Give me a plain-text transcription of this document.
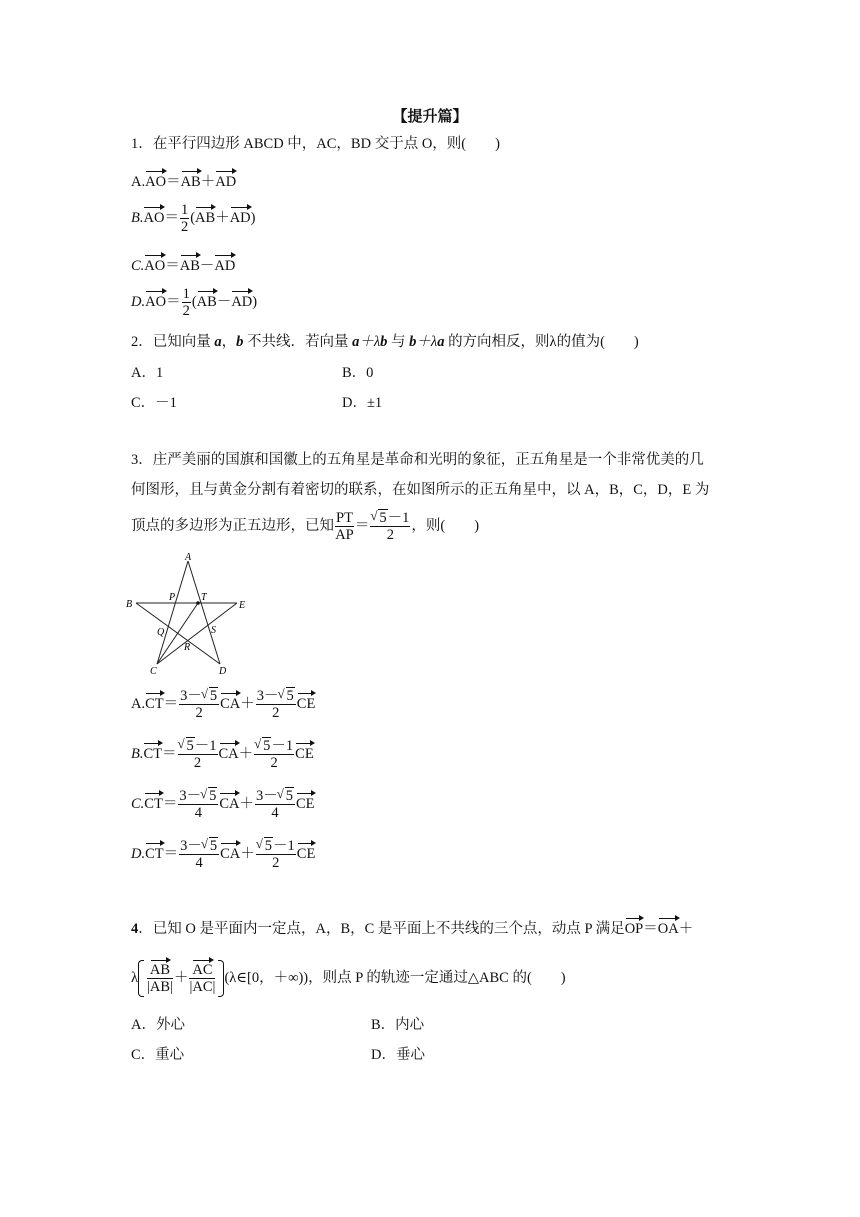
【提升篇】
1．在平行四边形 ABCD 中，AC，BD 交于点 O，则(　　)
A.AO＝AB＋AD
$B.AO= \frac{1}{2} (AB+AD)$
C.AO＝AB－AD
$D.AO= \frac{1}{2} (AB-AD)$
2．已知向量 a，b 不共线．若向量 a＋λb 与 b＋λa 的方向相反，则λ的值为(　　)
A．1	B．0
C．－1	D．±1
3．庄严美丽的国旗和国徽上的五角星是革命和光明的象征，正五角星是一个非常优美的几
何图形，且与黄金分割有着密切的联系，在如图所示的正五角星中，以 A，B，C，D，E 为
顶点的多边形为正五边形，已知 $\frac{PT}{AP}$ ＝ √ $\frac{5-1}{2}$ ，则(　　)
A
B
C	D
E
P	T
Q
R
S
$A.CT= \frac{3- √ 5}{2} CA+ \frac{3- √ 5}{2}$ CE
B.CT＝ √ $\frac{5-1}{2} CA+$ √ $\frac{5-1}{2}$ CE
$C.CT= \frac{3- √ 5}{4} CA+ \frac{3- √ 5}{4}$ CE
$D.CT= \frac{3- √ 5}{4} CA+$ √ $\frac{5-1}{2}$ CE
4．已知 O 是平面内一定点，A，B，C 是平面上不共线的三个点，动点 P 满足OP＝OA＋
λ $\frac{AB}{|AB|} + \frac{AC}{|AC|}$ (λ∈[0，＋∞))，则点 P 的轨迹一定通过△ABC 的(　　)
A．外心	B．内心
C．重心	D．垂心
